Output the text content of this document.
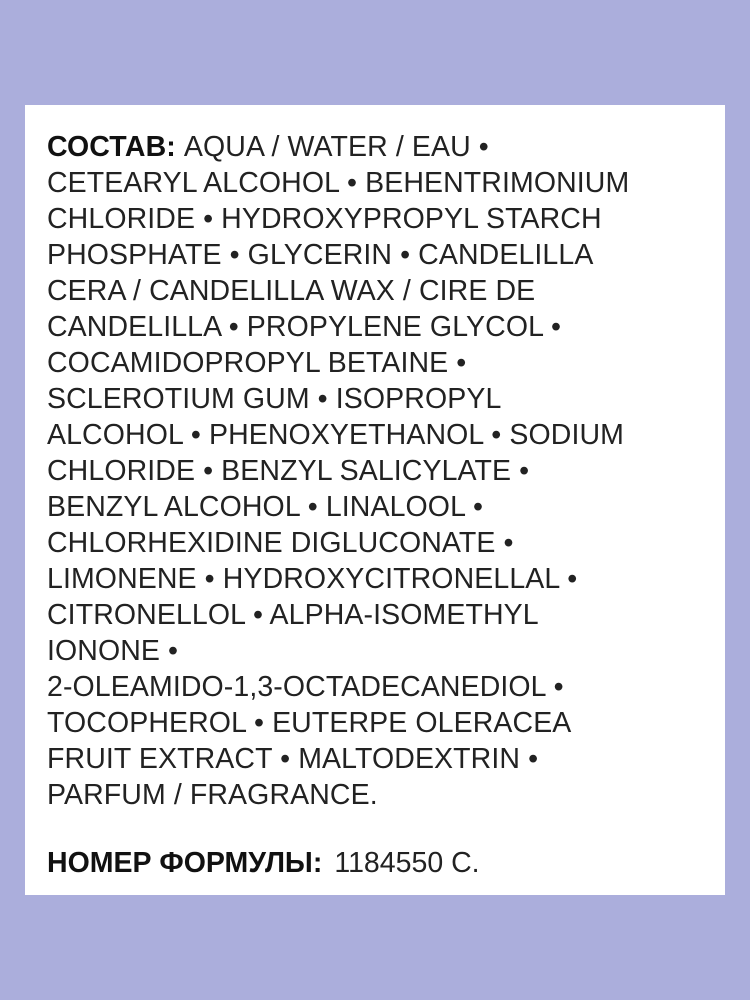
СОСТАВ: AQUA / WATER / EAU •
CETEARYL ALCOHOL • BEHENTRIMONIUM
CHLORIDE • HYDROXYPROPYL STARCH
PHOSPHATE • GLYCERIN • CANDELILLA
CERA / CANDELILLA WAX / CIRE DE
CANDELILLA • PROPYLENE GLYCOL •
COCAMIDOPROPYL BETAINE •
SCLEROTIUM GUM • ISOPROPYL
ALCOHOL • PHENOXYETHANOL • SODIUM
CHLORIDE • BENZYL SALICYLATE •
BENZYL ALCOHOL • LINALOOL •
CHLORHEXIDINE DIGLUCONATE •
LIMONENE • HYDROXYCITRONELLAL •
CITRONELLOL • ALPHA-ISOMETHYL
IONONE •
2-OLEAMIDO-1,3-OCTADECANEDIOL •
TOCOPHEROL • EUTERPE OLERACEA
FRUIT EXTRACT • MALTODEXTRIN •
PARFUM / FRAGRANCE.

НОМЕР ФОРМУЛЫ: 1184550 C.
